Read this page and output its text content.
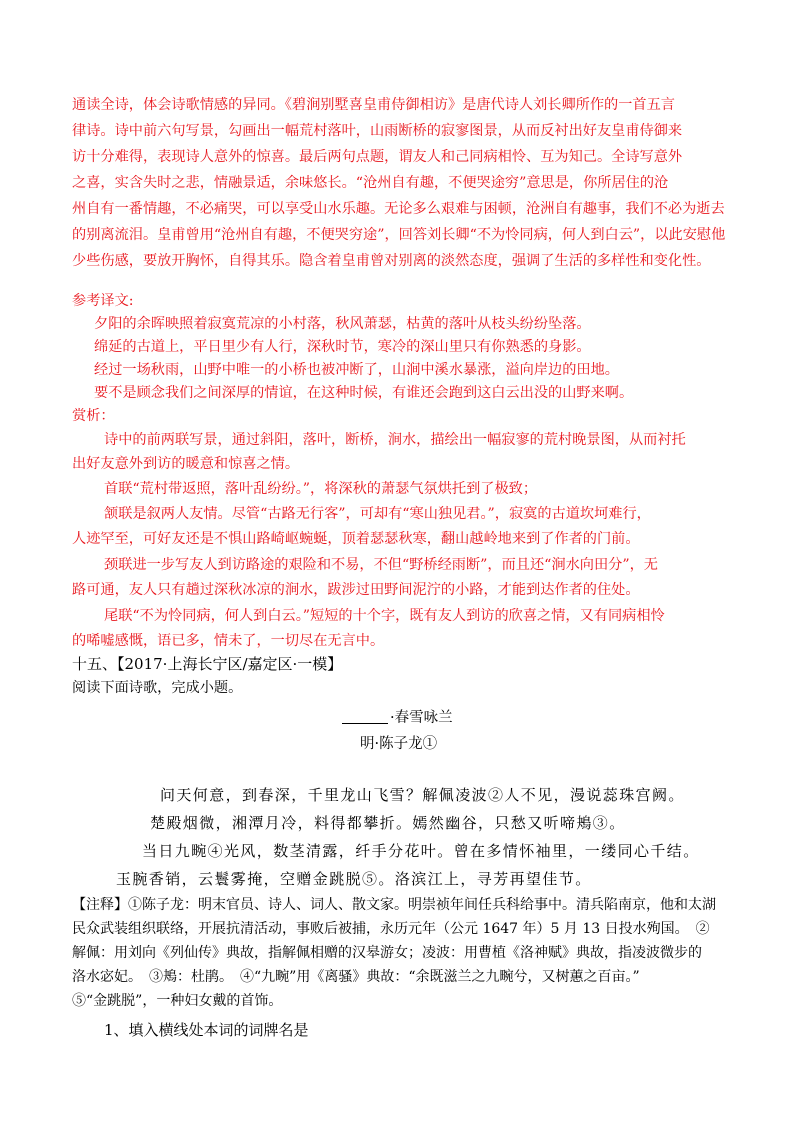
通读全诗，体会诗歌情感的异同。《碧涧别墅喜皇甫侍御相访》是唐代诗人刘长卿所作的一首五言
律诗。诗中前六句写景，勾画出一幅荒村落叶，山雨断桥的寂寥图景，从而反衬出好友皇甫侍御来
访十分难得，表现诗人意外的惊喜。最后两句点题，谓友人和己同病相怜、互为知己。全诗写意外
之喜，实含失时之悲，情融景适，余味悠长。“沧州自有趣，不便哭途穷”意思是，你所居住的沧
州自有一番情趣，不必痛哭，可以享受山水乐趣。无论多么艰难与困顿，沧洲自有趣事，我们不必为逝去
的别离流泪。皇甫曾用“沧州自有趣，不便哭穷途”，回答刘长卿“不为怜同病，何人到白云”，以此安慰他
少些伤感，要放开胸怀，自得其乐。隐含着皇甫曾对别离的淡然态度，强调了生活的多样性和变化性。
参考译文:
夕阳的余晖映照着寂寞荒凉的小村落，秋风萧瑟，枯黄的落叶从枝头纷纷坠落。
绵延的古道上，平日里少有人行，深秋时节，寒冷的深山里只有你熟悉的身影。
经过一场秋雨，山野中唯一的小桥也被冲断了，山涧中溪水暴涨，溢向岸边的田地。
要不是顾念我们之间深厚的情谊，在这种时候，有谁还会跑到这白云出没的山野来啊。
赏析：
诗中的前两联写景，通过斜阳，落叶，断桥，涧水，描绘出一幅寂寥的荒村晚景图，从而衬托
出好友意外到访的暖意和惊喜之情。
首联“荒村带返照，落叶乱纷纷。”，将深秋的萧瑟气氛烘托到了极致；
颔联是叙两人友情。尽管“古路无行客”，可却有“寒山独见君。”，寂寞的古道坎坷难行，
人迹罕至，可好友还是不惧山路崎岖蜿蜒，顶着瑟瑟秋寒，翻山越岭地来到了作者的门前。
颈联进一步写友人到访路途的艰险和不易，不但“野桥经雨断”，而且还“涧水向田分”，无
路可通，友人只有趟过深秋冰凉的涧水，跋涉过田野间泥泞的小路，才能到达作者的住处。
尾联“不为怜同病，何人到白云。”短短的十个字，既有友人到访的欣喜之情，又有同病相怜
的唏嘘感慨，语已多，情未了，一切尽在无言中。
十五、【2017·上海长宁区/嘉定区·一模】
阅读下面诗歌，完成小题。
·春雪咏兰
明·陈子龙①
问天何意，到春深，千里龙山飞雪？解佩凌波②人不见，漫说蕊珠宫阙。
楚殿烟微，湘潭月冷，料得都攀折。嫣然幽谷，只愁又听啼鴂③。
当日九畹④光风，数茎清露，纤手分花叶。曾在多情怀袖里，一缕同心千结。
玉腕香销，云鬟雾掩，空赠金跳脱⑤。洛滨江上，寻芳再望佳节。
【注释】①陈子龙：明末官员、诗人、词人、散文家。明崇祯年间任兵科给事中。清兵陷南京，他和太湖
民众武装组织联络，开展抗清活动，事败后被捕，永历元年（公元 1647 年）5 月 13 日投水殉国。　②
解佩：用刘向《列仙传》典故，指解佩相赠的汉皋游女；凌波：用曹植《洛神赋》典故，指凌波微步的
洛水宓妃。　③鴂：杜鹃。　④“九畹”用《离骚》典故：“余既滋兰之九畹兮，又树蕙之百亩。”
⑤“金跳脱”，一种妇女戴的首饰。
1、填入横线处本词的词牌名是
